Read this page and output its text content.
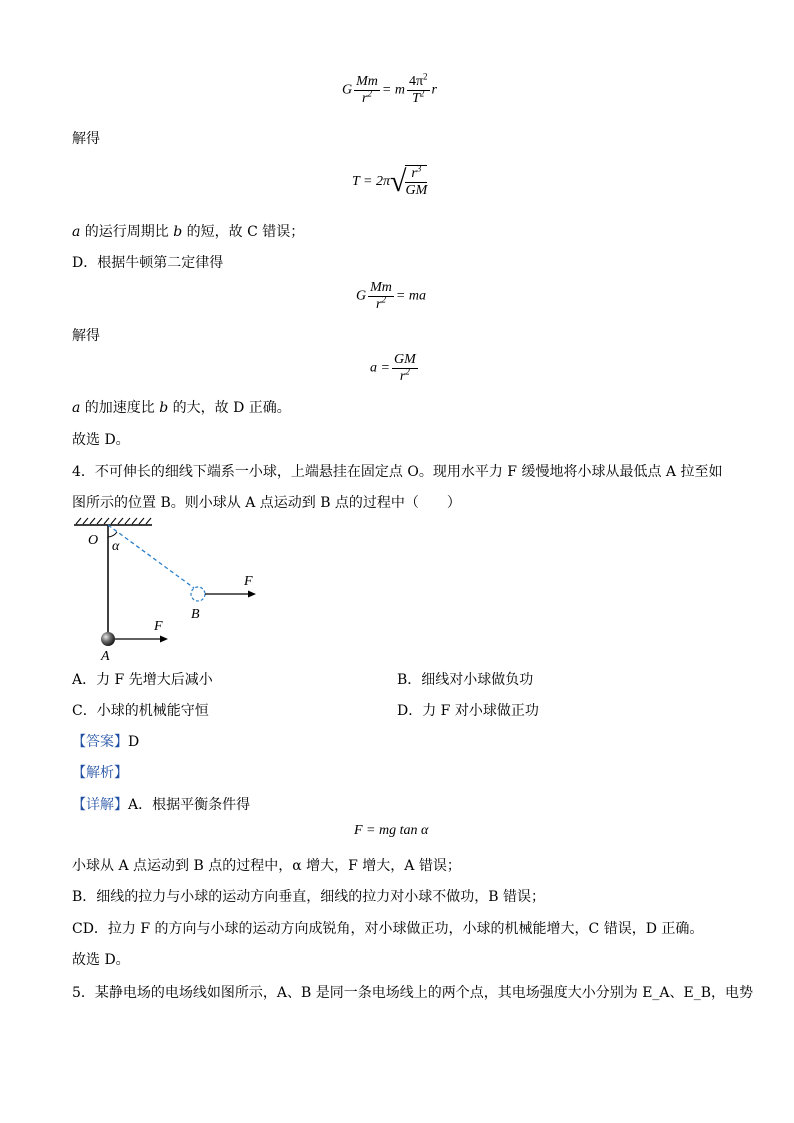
G $\frac{Mm}{r^2} = m \frac{4\pi^2}{T^2}$ r
解得
$T = 2\pi√ \frac{r^3}{GM}$
a 的运行周期比 b 的短，故 C 错误；
D．根据牛顿第二定律得
G $\frac{Mm}{r^2}$ = ma
解得
$a = \frac{GM}{r^2}$
a 的加速度比 b 的大，故 D 正确。
故选 D。
4．不可伸长的细线下端系一小球，上端悬挂在固定点 O。现用水平力 F 缓慢地将小球从最低点 A 拉至如
图所示的位置 B。则小球从 A 点运动到 B 点的过程中（　　）
O α
F
B
F
A
A．力 F 先增大后减小	B．细线对小球做负功
C．小球的机械能守恒	D．力 F 对小球做正功
【答案】D
【解析】
【详解】A．根据平衡条件得
F = mg tan α
小球从 A 点运动到 B 点的过程中，α 增大，F 增大，A 错误；
B．细线的拉力与小球的运动方向垂直，细线的拉力对小球不做功，B 错误；
CD．拉力 F 的方向与小球的运动方向成锐角，对小球做正功，小球的机械能增大，C 错误，D 正确。
故选 D。
5．某静电场的电场线如图所示，A、B 是同一条电场线上的两个点，其电场强度大小分别为 E_A、E_B，电势
